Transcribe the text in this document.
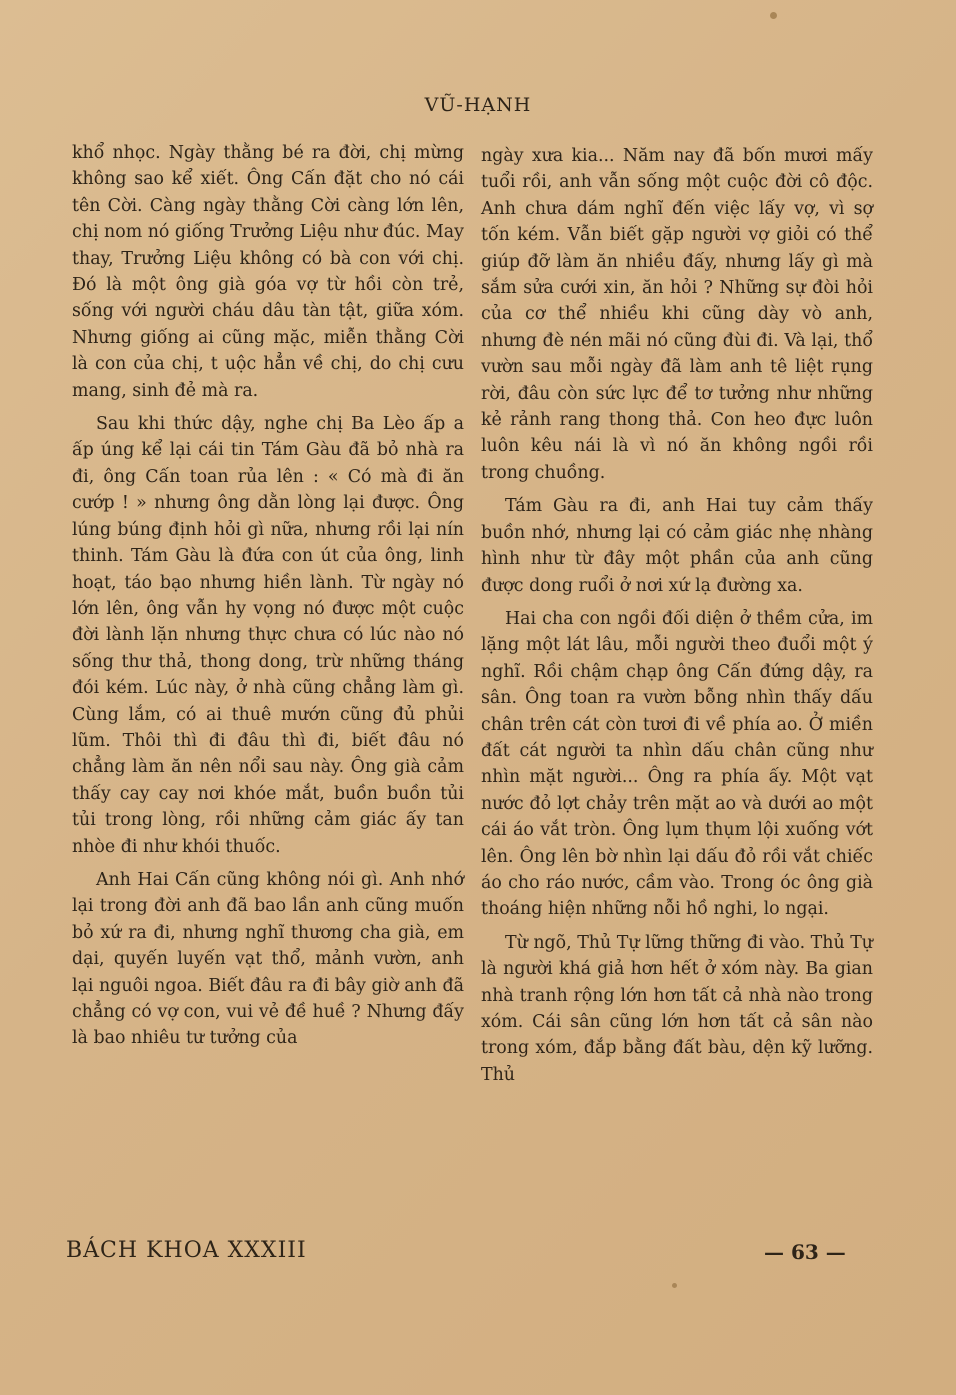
VŨ-HẠNH

khổ nhọc. Ngày thằng bé ra đời, chị mừng không sao kể xiết. Ông Cấn đặt cho nó cái tên Cời. Càng ngày thằng Cời càng lớn lên, chị nom nó giống Trưởng Liệu như đúc. May thay, Trưởng Liệu không có bà con với chị. Đó là một ông già góa vợ từ hồi còn trẻ, sống với người cháu dâu tàn tật, giữa xóm. Nhưng giống ai cũng mặc, miễn thằng Cời là con của chị, t uộc hẳn về chị, do chị cưu mang, sinh đẻ mà ra.

Sau khi thức dậy, nghe chị Ba Lèo ấp a ấp úng kể lại cái tin Tám Gàu đã bỏ nhà ra đi, ông Cấn toan rủa lên : « Có mà đi ăn cướp ! » nhưng ông dằn lòng lại được. Ông lúng búng định hỏi gì nữa, nhưng rồi lại nín thinh. Tám Gàu là đứa con út của ông, linh hoạt, táo bạo nhưng hiền lành. Từ ngày nó lớn lên, ông vẫn hy vọng nó được một cuộc đời lành lặn nhưng thực chưa có lúc nào nó sống thư thả, thong dong, trừ những tháng đói kém. Lúc này, ở nhà cũng chẳng làm gì. Cùng lắm, có ai thuê mướn cũng đủ phủi lũm. Thôi thì đi đâu thì đi, biết đâu nó chẳng làm ăn nên nổi sau này. Ông già cảm thấy cay cay nơi khóe mắt, buồn buồn tủi tủi trong lòng, rồi những cảm giác ấy tan nhòe đi như khói thuốc.

Anh Hai Cấn cũng không nói gì. Anh nhớ lại trong đời anh đã bao lần anh cũng muốn bỏ xứ ra đi, nhưng nghĩ thương cha già, em dại, quyến luyến vạt thổ, mảnh vườn, anh lại nguôi ngoa. Biết đâu ra đi bây giờ anh đã chẳng có vợ con, vui vẻ đề huề ? Nhưng đấy là bao nhiêu tư tưởng của

ngày xưa kia... Năm nay đã bốn mươi mấy tuổi rồi, anh vẫn sống một cuộc đời cô độc. Anh chưa dám nghĩ đến việc lấy vợ, vì sợ tốn kém. Vẫn biết gặp người vợ giỏi có thể giúp đỡ làm ăn nhiều đấy, nhưng lấy gì mà sắm sửa cưới xin, ăn hỏi ? Những sự đòi hỏi của cơ thể nhiều khi cũng dày vò anh, nhưng đè nén mãi nó cũng đùi đi. Và lại, thổ vườn sau mỗi ngày đã làm anh tê liệt rụng rời, đâu còn sức lực để tơ tưởng như những kẻ rảnh rang thong thả. Con heo đực luôn luôn kêu nái là vì nó ăn không ngồi rồi trong chuồng.

Tám Gàu ra đi, anh Hai tuy cảm thấy buồn nhớ, nhưng lại có cảm giác nhẹ nhàng hình như từ đây một phần của anh cũng được dong ruổi ở nơi xứ lạ đường xa.

Hai cha con ngồi đối diện ở thềm cửa, im lặng một lát lâu, mỗi người theo đuổi một ý nghĩ. Rồi chậm chạp ông Cấn đứng dậy, ra sân. Ông toan ra vườn bỗng nhìn thấy dấu chân trên cát còn tươi đi về phía ao. Ở miền đất cát người ta nhìn dấu chân cũng như nhìn mặt người... Ông ra phía ấy. Một vạt nước đỏ lợt chảy trên mặt ao và dưới ao một cái áo vắt tròn. Ông lụm thụm lội xuống vớt lên. Ông lên bờ nhìn lại dấu đỏ rồi vắt chiếc áo cho ráo nước, cầm vào. Trong óc ông già thoáng hiện những nỗi hồ nghi, lo ngại.

Từ ngõ, Thủ Tự lững thững đi vào. Thủ Tự là người khá giả hơn hết ở xóm này. Ba gian nhà tranh rộng lớn hơn tất cả nhà nào trong xóm. Cái sân cũng lớn hơn tất cả sân nào trong xóm, đắp bằng đất bàu, dện kỹ lưỡng. Thủ

BÁCH KHOA XXXIII	— 63 —
